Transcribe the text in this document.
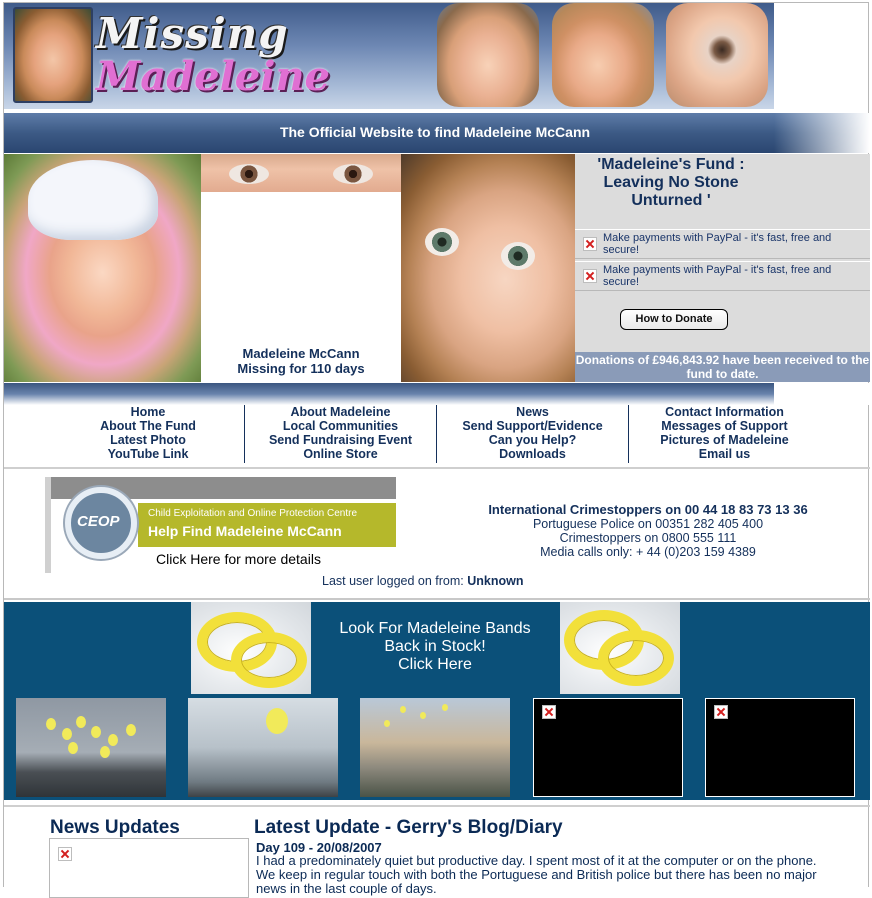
Missing
Madeleine
The Official Website to find Madeleine McCann
Madeleine McCann
Missing for 110 days
'Madeleine's Fund : Leaving No Stone Unturned '
Make payments with PayPal - it's fast, free and secure!
Make payments with PayPal - it's fast, free and secure!
How to Donate
Donations of £946,843.92 have been received to the fund to date.
Home
About The Fund
Latest Photo
YouTube Link
About Madeleine
Local Communities
Send Fundraising Event
Online Store
News
Send Support/Evidence
Can you Help?
Downloads
Contact Information
Messages of Support
Pictures of Madeleine
Email us
CEOP	Child Exploitation and Online Protection Centre
Help Find Madeleine McCann
Click Here for more details
International Crimestoppers on 00 44 18 83 73 13 36
Portuguese Police on 00351 282 405 400
Crimestoppers on 0800 555 111
Media calls only: + 44 (0)203 159 4389
Last user logged on from: Unknown
Look For Madeleine Bands
Back in Stock!
Click Here
News Updates	Latest Update - Gerry's Blog/Diary
Day 109 - 20/08/2007
I had a predominately quiet but productive day. I spent most of it at the computer or on the phone. We keep in regular touch with both the Portuguese and British police but there has been no major news in the last couple of days.
